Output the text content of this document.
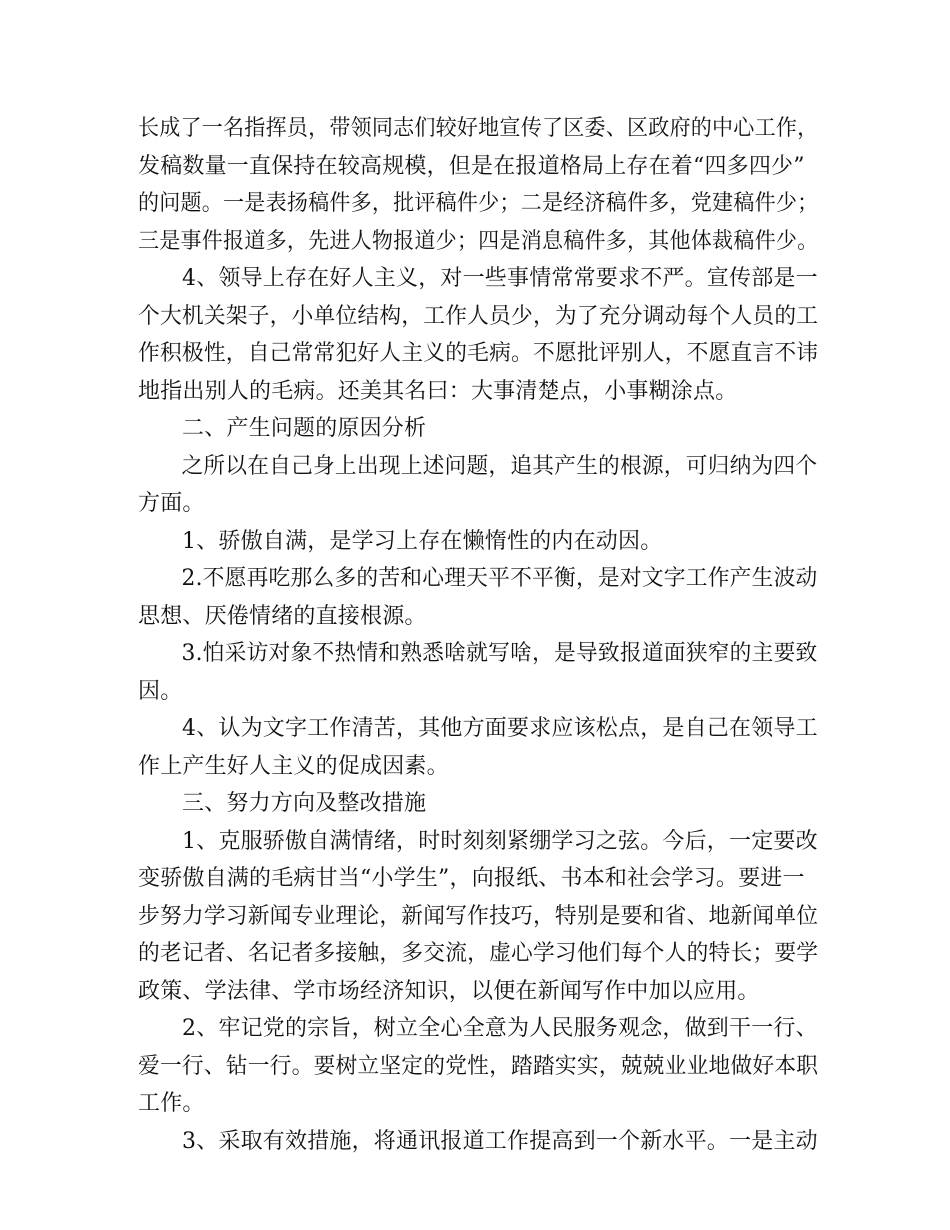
长成了一名指挥员，带领同志们较好地宣传了区委、区政府的中心工作，
发稿数量一直保持在较高规模，但是在报道格局上存在着“四多四少”
的问题。一是表扬稿件多，批评稿件少；二是经济稿件多，党建稿件少；
三是事件报道多，先进人物报道少；四是消息稿件多，其他体裁稿件少。
4、领导上存在好人主义，对一些事情常常要求不严。宣传部是一
个大机关架子，小单位结构，工作人员少，为了充分调动每个人员的工
作积极性，自己常常犯好人主义的毛病。不愿批评别人，不愿直言不讳
地指出别人的毛病。还美其名曰：大事清楚点，小事糊涂点。
二、产生问题的原因分析
之所以在自己身上出现上述问题，追其产生的根源，可归纳为四个
方面。
1、骄傲自满，是学习上存在懒惰性的内在动因。
2.不愿再吃那么多的苦和心理天平不平衡，是对文字工作产生波动
思想、厌倦情绪的直接根源。
3.怕采访对象不热情和熟悉啥就写啥，是导致报道面狭窄的主要致
因。
4、认为文字工作清苦，其他方面要求应该松点，是自己在领导工
作上产生好人主义的促成因素。
三、努力方向及整改措施
1、克服骄傲自满情绪，时时刻刻紧绷学习之弦。今后，一定要改
变骄傲自满的毛病甘当“小学生”，向报纸、书本和社会学习。要进一
步努力学习新闻专业理论，新闻写作技巧，特别是要和省、地新闻单位
的老记者、名记者多接触，多交流，虚心学习他们每个人的特长；要学
政策、学法律、学市场经济知识，以便在新闻写作中加以应用。
2、牢记党的宗旨，树立全心全意为人民服务观念，做到干一行、
爱一行、钻一行。要树立坚定的党性，踏踏实实，兢兢业业地做好本职
工作。
3、采取有效措施，将通讯报道工作提高到一个新水平。一是主动
